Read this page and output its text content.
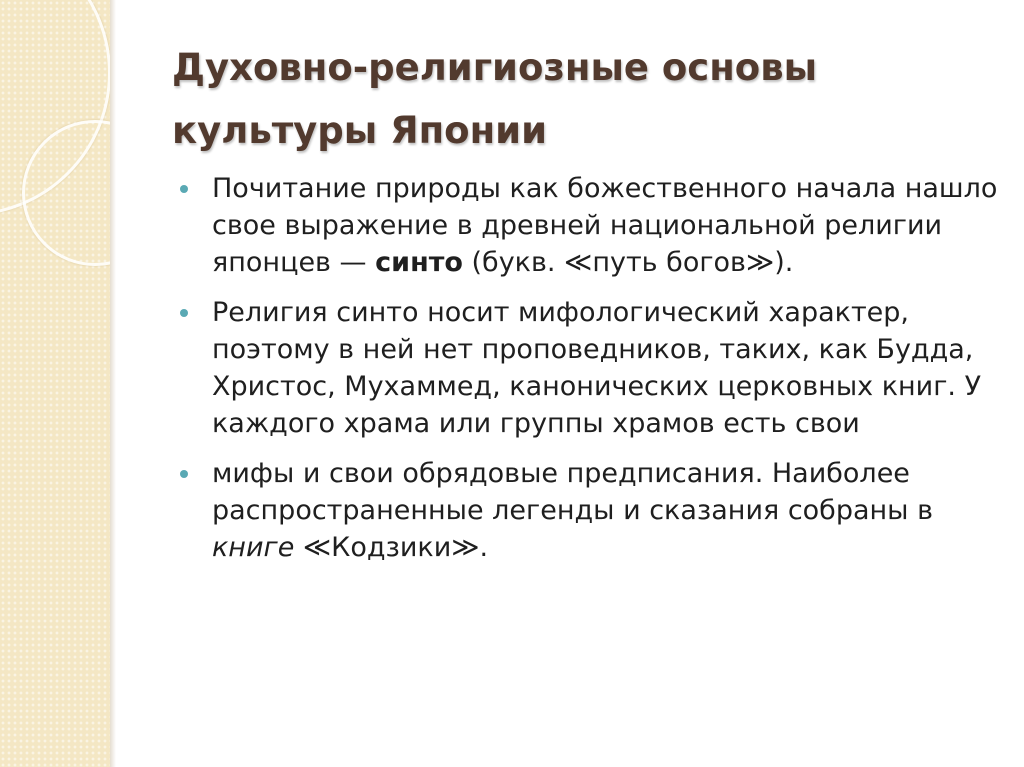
Духовно-религиозные основы
культуры Японии
Почитание природы как божественного начала нашло свое выражение в древней национальной религии японцев — синто (букв. ≪путь богов≫).
Религия синто носит мифологический характер, поэтому в ней нет проповедников, таких, как Будда, Христос, Мухаммед, канонических церковных книг. У каждого храма или группы храмов есть свои
мифы и свои обрядовые предписания. Наиболее распространенные легенды и сказания собраны в книге ≪Кодзики≫.
